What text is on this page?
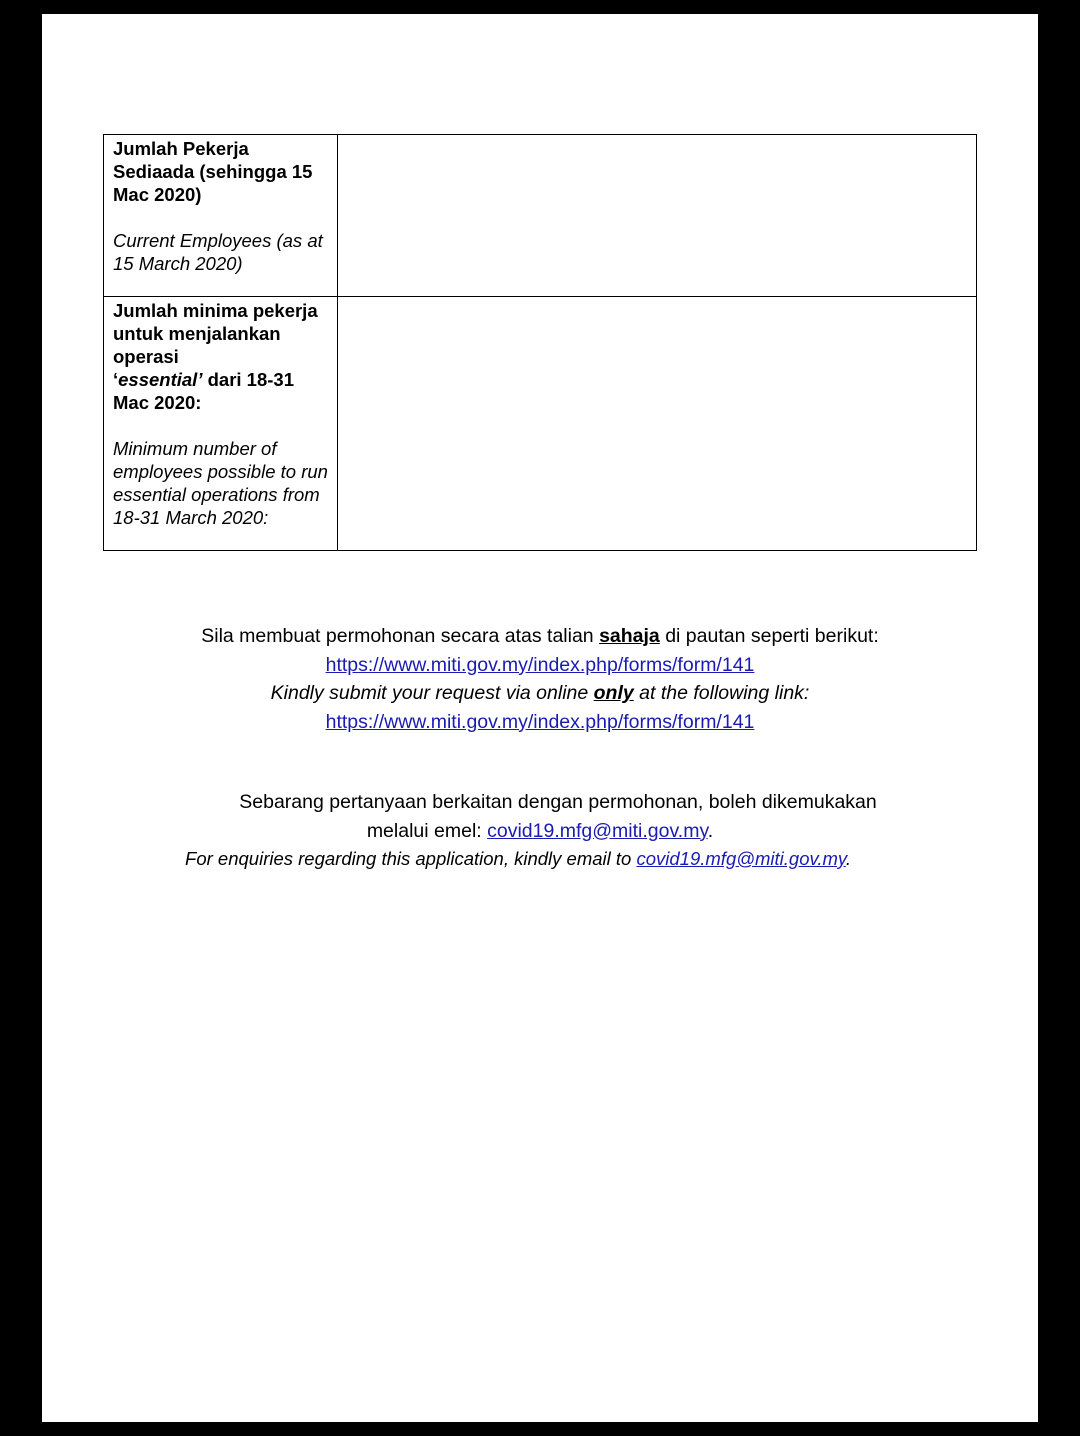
Jumlah Pekerja Sediaada (sehingga 15 Mac 2020)
Current Employees (as at 15 March 2020)	

Jumlah minima pekerja untuk menjalankan operasi
‘essential’ dari 18-31 Mac 2020:
Minimum number of employees possible to run essential operations from 18-31 March 2020:	

Sila membuat permohonan secara atas talian sahaja di pautan seperti berikut:
https://www.miti.gov.my/index.php/forms/form/141
Kindly submit your request via online only at the following link:
https://www.miti.gov.my/index.php/forms/form/141
Sebarang pertanyaan berkaitan dengan permohonan, boleh dikemukakan
melalui emel: covid19.mfg@miti.gov.my.
For enquiries regarding this application, kindly email to covid19.mfg@miti.gov.my.
